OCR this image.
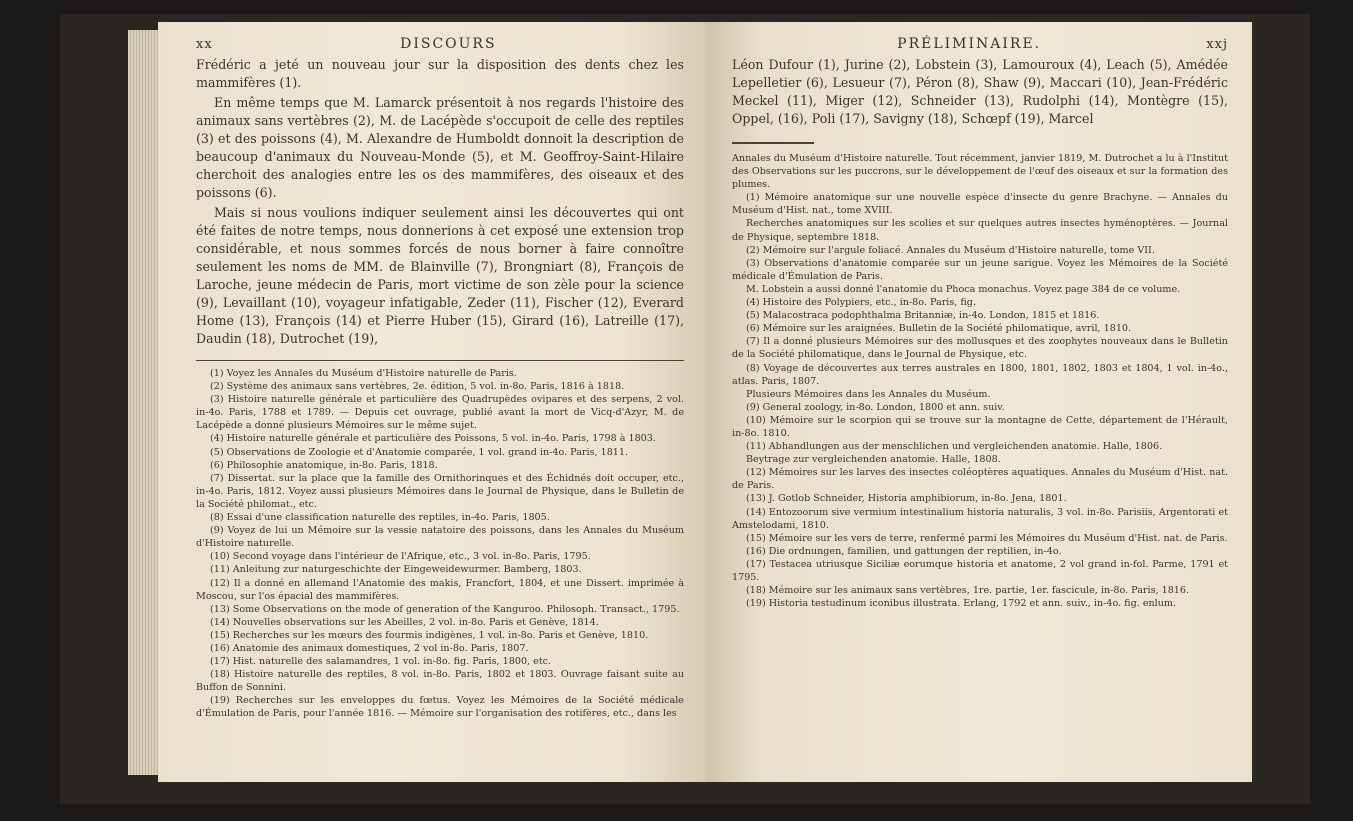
xx	DISCOURS

Frédéric a jeté un nouveau jour sur la disposition des dents chez les mammifères (1).

En même temps que M. Lamarck présentoit à nos regards l'histoire des animaux sans vertèbres (2), M. de Lacépède s'occupoit de celle des reptiles (3) et des poissons (4), M. Alexandre de Humboldt donnoit la description de beaucoup d'animaux du Nouveau-Monde (5), et M. Geoffroy-Saint-Hilaire cherchoit des analogies entre les os des mammifères, des oiseaux et des poissons (6).

Mais si nous voulions indiquer seulement ainsi les découvertes qui ont été faites de notre temps, nous donnerions à cet exposé une extension trop considérable, et nous sommes forcés de nous borner à faire connoître seulement les noms de MM. de Blainville (7), Brongniart (8), François de Laroche, jeune médecin de Paris, mort victime de son zèle pour la science (9), Levaillant (10), voyageur infatigable, Zeder (11), Fischer (12), Everard Home (13), François (14) et Pierre Huber (15), Girard (16), Latreille (17), Daudin (18), Dutrochet (19),

(1) Voyez les Annales du Muséum d'Histoire naturelle de Paris.

(2) Système des animaux sans vertèbres, 2e. édition, 5 vol. in-8o. Paris, 1816 à 1818.

(3) Histoire naturelle générale et particulière des Quadrupèdes ovipares et des serpens, 2 vol. in-4o. Paris, 1788 et 1789. — Depuis cet ouvrage, publié avant la mort de Vicq-d'Azyr, M. de Lacépède a donné plusieurs Mémoires sur le même sujet.

(4) Histoire naturelle générale et particulière des Poissons, 5 vol. in-4o. Paris, 1798 à 1803.

(5) Observations de Zoologie et d'Anatomie comparée, 1 vol. grand in-4o. Paris, 1811.

(6) Philosophie anatomique, in-8o. Paris, 1818.

(7) Dissertat. sur la place que la famille des Ornithorinques et des Échidnés doit occuper, etc., in-4o. Paris, 1812. Voyez aussi plusieurs Mémoires dans le Journal de Physique, dans le Bulletin de la Société philomat., etc.

(8) Essai d'une classification naturelle des reptiles, in-4o. Paris, 1805.

(9) Voyez de lui un Mémoire sur la vessie natatoire des poissons, dans les Annales du Muséum d'Histoire naturelle.

(10) Second voyage dans l'intérieur de l'Afrique, etc., 3 vol. in-8o. Paris, 1795.

(11) Anleitung zur naturgeschichte der Eingeweidewurmer. Bamberg, 1803.

(12) Il a donné en allemand l'Anatomie des makis, Francfort, 1804, et une Dissert. imprimée à Moscou, sur l'os épacial des mammifères.

(13) Some Observations on the mode of generation of the Kanguroo. Philosoph. Transact., 1795.

(14) Nouvelles observations sur les Abeilles, 2 vol. in-8o. Paris et Genève, 1814.

(15) Recherches sur les mœurs des fourmis indigènes, 1 vol. in-8o. Paris et Genève, 1810.

(16) Anatomie des animaux domestiques, 2 vol in-8o. Paris, 1807.

(17) Hist. naturelle des salamandres, 1 vol. in-8o. fig. Paris, 1800, etc.

(18) Histoire naturelle des reptiles, 8 vol. in-8o. Paris, 1802 et 1803. Ouvrage faisant suite au Buffon de Sonnini.

(19) Recherches sur les enveloppes du fœtus. Voyez les Mémoires de la Société médicale d'Émulation de Paris, pour l'année 1816. — Mémoire sur l'organisation des rotifères, etc., dans les

PRÉLIMINAIRE.	xxj

Léon Dufour (1), Jurine (2), Lobstein (3), Lamouroux (4), Leach (5), Amédée Lepelletier (6), Lesueur (7), Péron (8), Shaw (9), Maccari (10), Jean-Frédéric Meckel (11), Miger (12), Schneider (13), Rudolphi (14), Montègre (15), Oppel, (16), Poli (17), Savigny (18), Schœpf (19), Marcel

Annales du Muséum d'Histoire naturelle. Tout récemment, janvier 1819, M. Dutrochet a lu à l'Institut des Observations sur les puccrons, sur le développement de l'œuf des oiseaux et sur la formation des plumes.

(1) Mémoire anatomique sur une nouvelle espèce d'insecte du genre Brachyne. — Annales du Muséum d'Hist. nat., tome XVIII.

Recherches anatomiques sur les scolies et sur quelques autres insectes hyménoptères. — Journal de Physique, septembre 1818.

(2) Mémoire sur l'argule foliacé. Annales du Muséum d'Histoire naturelle, tome VII.

(3) Observations d'anatomie comparée sur un jeune sarigue. Voyez les Mémoires de la Société médicale d'Émulation de Paris.

M. Lobstein a aussi donné l'anatomie du Phoca monachus. Voyez page 384 de ce volume.

(4) Histoire des Polypiers, etc., in-8o. Paris, fig.

(5) Malacostraca podophthalma Britanniæ, in-4o. London, 1815 et 1816.

(6) Mémoire sur les araignées. Bulletin de la Société philomatique, avril, 1810.

(7) Il a donné plusieurs Mémoires sur des mollusques et des zoophytes nouveaux dans le Bulletin de la Société philomatique, dans le Journal de Physique, etc.

(8) Voyage de découvertes aux terres australes en 1800, 1801, 1802, 1803 et 1804, 1 vol. in-4o., atlas. Paris, 1807.

Plusieurs Mémoires dans les Annales du Muséum.

(9) General zoology, in-8o. London, 1800 et ann. suiv.

(10) Mémoire sur le scorpion qui se trouve sur la montagne de Cette, département de l'Hérault, in-8o. 1810.

(11) Abhandlungen aus der menschlichen und vergleichenden anatomie. Halle, 1806.

Beytrage zur vergleichenden anatomie. Halle, 1808.

(12) Mémoires sur les larves des insectes coléoptères aquatiques. Annales du Muséum d'Hist. nat. de Paris.

(13) J. Gotlob Schneider, Historia amphibiorum, in-8o. Jena, 1801.

(14) Entozoorum sive vermium intestinalium historia naturalis, 3 vol. in-8o. Parisiis, Argentorati et Amstelodami, 1810.

(15) Mémoire sur les vers de terre, renfermé parmi les Mémoires du Muséum d'Hist. nat. de Paris.

(16) Die ordnungen, familien, und gattungen der reptilien, in-4o.

(17) Testacea utriusque Siciliæ eorumque historia et anatome, 2 vol grand in-fol. Parme, 1791 et 1795.

(18) Mémoire sur les animaux sans vertèbres, 1re. partie, 1er. fascicule, in-8o. Paris, 1816.

(19) Historia testudinum iconibus illustrata. Erlang, 1792 et ann. suiv., in-4o. fig. enlum.
